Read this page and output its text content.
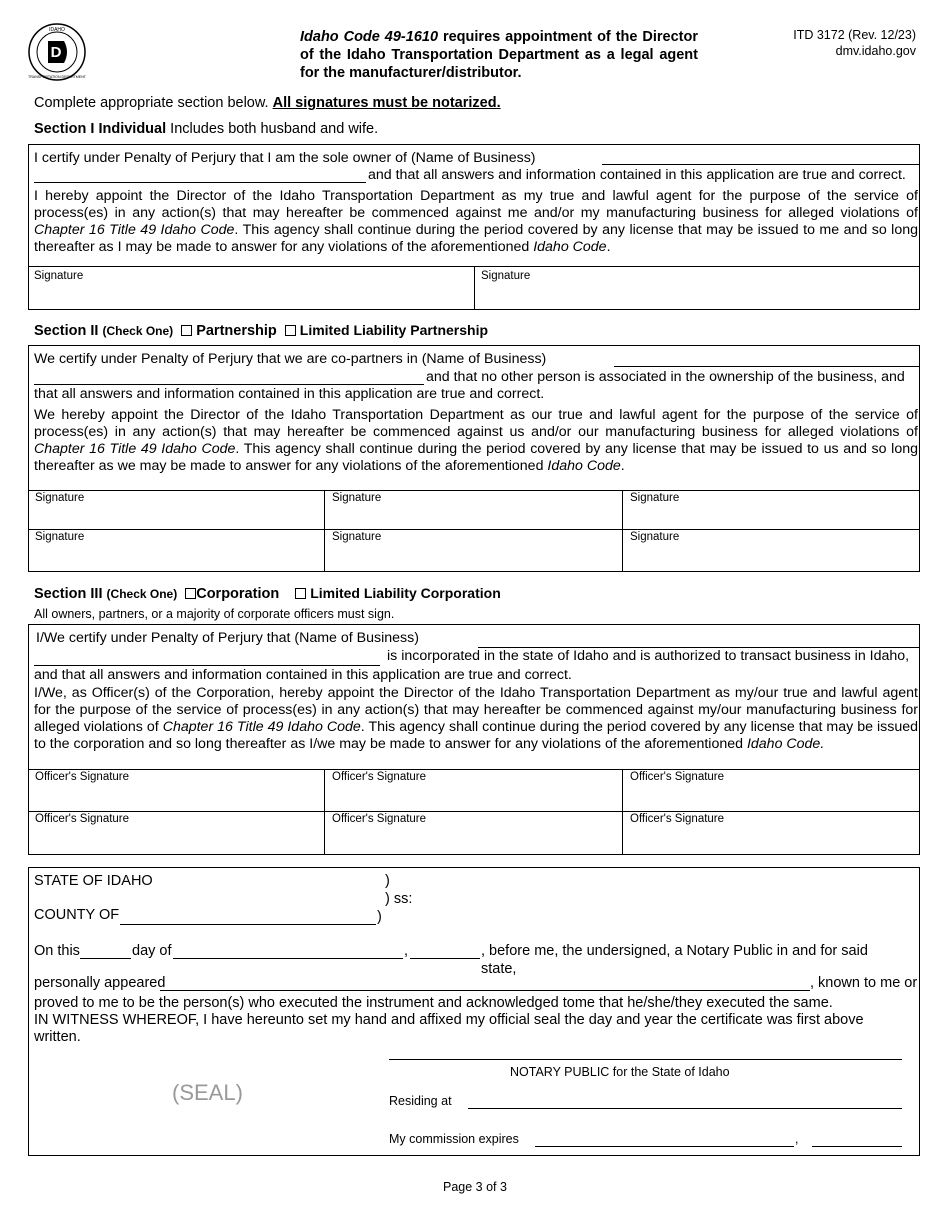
D
IDAHO
TRANSPORTATION DEPARTMENT
Idaho Code 49-1610 requires appointment of the Director of the Idaho Transportation Department as a legal agent for the manufacturer/distributor.
ITD 3172 (Rev. 12/23)
dmv.idaho.gov
Complete appropriate section below. All signatures must be notarized.
Section I Individual Includes both husband and wife.
I certify under Penalty of Perjury that I am the sole owner of (Name of Business)
and that all answers and information contained in this application are true and correct.
I hereby appoint the Director of the Idaho Transportation Department as my true and lawful agent for the purpose of the service of process(es) in any action(s) that may hereafter be commenced against me and/or my manufacturing business for alleged violations of Chapter 16 Title 49 Idaho Code. This agency shall continue during the period covered by any license that may be issued to me and so long thereafter as I may be made to answer for any violations of the aforementioned Idaho Code.
Signature	Signature
Section II (Check One) Partnership Limited Liability Partnership
We certify under Penalty of Perjury that we are co-partners in (Name of Business)
and that no other person is associated in the ownership of the business, and
that all answers and information contained in this application are true and correct.
We hereby appoint the Director of the Idaho Transportation Department as our true and lawful agent for the purpose of the service of process(es) in any action(s) that may hereafter be commenced against us and/or our manufacturing business for alleged violations of Chapter 16 Title 49 Idaho Code. This agency shall continue during the period covered by any license that may be issued to us and so long thereafter as we may be made to answer for any violations of the aforementioned Idaho Code.
Signature	Signature	Signature
Signature	Signature	Signature
Section III (Check One) Corporation Limited Liability Corporation
All owners, partners, or a majority of corporate officers must sign.
I/We certify under Penalty of Perjury that (Name of Business)
is incorporated in the state of Idaho and is authorized to transact business in Idaho,
and that all answers and information contained in this application are true and correct.
I/We, as Officer(s) of the Corporation, hereby appoint the Director of the Idaho Transportation Department as my/our true and lawful agent for the purpose of the service of process(es) in any action(s) that may hereafter be commenced against my/our manufacturing business for alleged violations of Chapter 16 Title 49 Idaho Code. This agency shall continue during the period covered by any license that may be issued to the corporation and so long thereafter as I/we may be made to answer for any violations of the aforementioned Idaho Code.
Officer's Signature	Officer's Signature	Officer's Signature
Officer's Signature	Officer's Signature	Officer's Signature
STATE OF IDAHO	)
) ss:
COUNTY OF	)
On this	day of	,	, before me, the undersigned, a Notary Public in and for said
state,
personally appeared	, known to me or
proved to me to be the person(s) who executed the instrument and acknowledged tome that he/she/they executed the same.
IN WITNESS WHEREOF, I have hereunto set my hand and affixed my official seal the day and year the certificate was first above written.
(SEAL)
NOTARY PUBLIC for the State of Idaho
Residing at
My commission expires	,
Page 3 of 3
